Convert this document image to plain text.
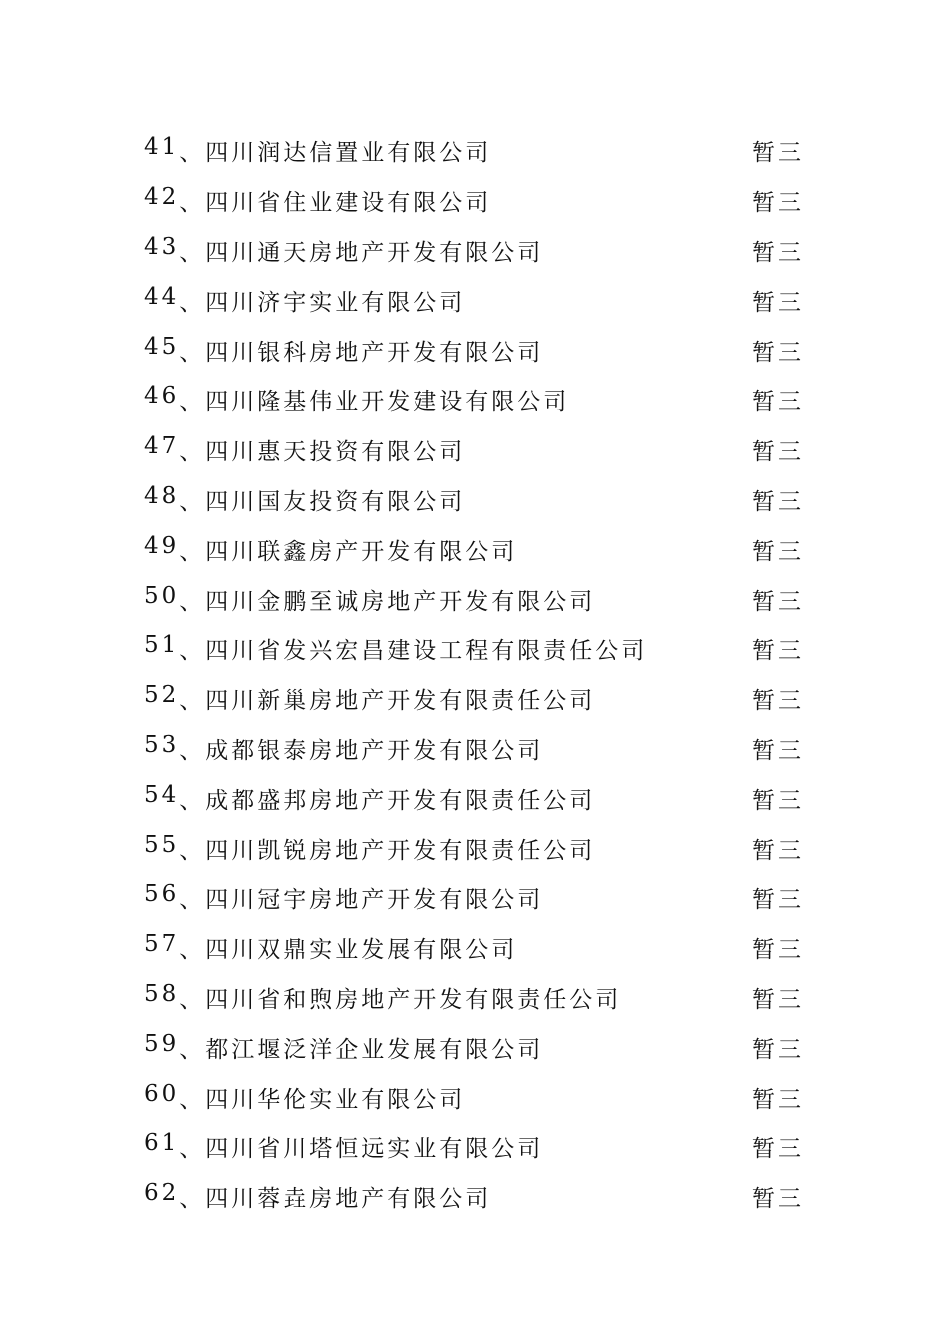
41 、 四川润达信置业有限公司	暂三
42 、 四川省住业建设有限公司	暂三
43 、 四川通天房地产开发有限公司	暂三
44 、 四川济宇实业有限公司	暂三
45 、 四川银科房地产开发有限公司	暂三
46 、 四川隆基伟业开发建设有限公司	暂三
47 、 四川惠天投资有限公司	暂三
48 、 四川国友投资有限公司	暂三
49 、 四川联鑫房产开发有限公司	暂三
50 、 四川金鹏至诚房地产开发有限公司	暂三
51 、 四川省发兴宏昌建设工程有限责任公司	暂三
52 、 四川新巢房地产开发有限责任公司	暂三
53 、 成都银泰房地产开发有限公司	暂三
54 、 成都盛邦房地产开发有限责任公司	暂三
55 、 四川凯锐房地产开发有限责任公司	暂三
56 、 四川冠宇房地产开发有限公司	暂三
57 、 四川双鼎实业发展有限公司	暂三
58 、 四川省和煦房地产开发有限责任公司	暂三
59 、 都江堰泛洋企业发展有限公司	暂三
60 、 四川华伦实业有限公司	暂三
61 、 四川省川塔恒远实业有限公司	暂三
62 、 四川蓉垚房地产有限公司	暂三
